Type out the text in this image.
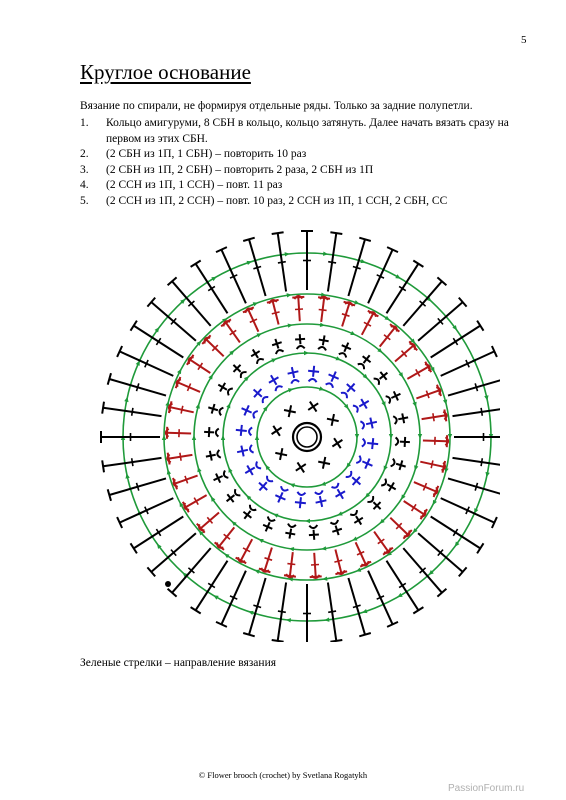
5
Круглое основание
Вязание по спирали, не формируя отдельные ряды. Только за задние полупетли.
1. Кольцо амигуруми, 8 СБН в кольцо, кольцо затянуть. Далее начать вязать сразу на первом из этих СБН.
2. (2 СБН из 1П, 1 СБН) – повторить 10 раз
3. (2 СБН из 1П, 2 СБН) – повторить 2 раза, 2 СБН из 1П
4. (2 ССН из 1П, 1 ССН) – повт. 11 раз
5. (2 ССН из 1П, 2 ССН) – повт. 10 раз, 2 ССН из 1П, 1 ССН, 2 СБН, СС
Зеленые стрелки – направление вязания
© Flower brooch (crochet) by Svetlana Rogatykh
PassionForum.ru
